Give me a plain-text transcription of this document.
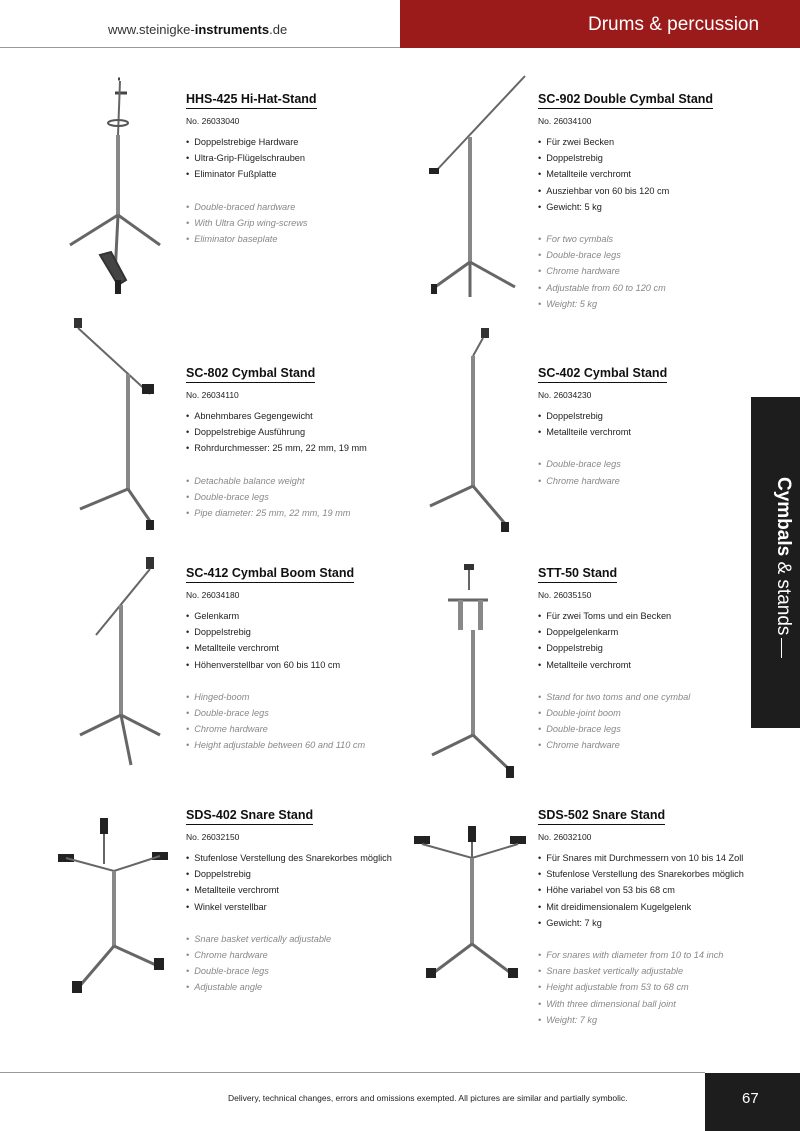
www.steinigke-instruments.de	Drums & percussion
Cymbals & stands
HHS-425 Hi-Hat-Stand
No. 26033040
• Doppelstrebige Hardware
• Ultra-Grip-Flügelschrauben
• Eliminator Fußplatte
• Double-braced hardware
• With Ultra Grip wing-screws
• Eliminator baseplate
SC-902 Double Cymbal Stand
No. 26034100
• Für zwei Becken
• Doppelstrebig
• Metallteile verchromt
• Ausziehbar von 60 bis 120 cm
• Gewicht: 5 kg
• For two cymbals
• Double-brace legs
• Chrome hardware
• Adjustable from 60 to 120 cm
• Weight: 5 kg
SC-802 Cymbal Stand
No. 26034110
• Abnehmbares Gegengewicht
• Doppelstrebige Ausführung
• Rohrdurchmesser: 25 mm, 22 mm, 19 mm
• Detachable balance weight
• Double-brace legs
• Pipe diameter: 25 mm, 22 mm, 19 mm
SC-402 Cymbal Stand
No. 26034230
• Doppelstrebig
• Metallteile verchromt
• Double-brace legs
• Chrome hardware
SC-412 Cymbal Boom Stand
No. 26034180
• Gelenkarm
• Doppelstrebig
• Metallteile verchromt
• Höhenverstellbar von 60 bis 110 cm
• Hinged-boom
• Double-brace legs
• Chrome hardware
• Height adjustable between 60 and 110 cm
STT-50 Stand
No. 26035150
• Für zwei Toms und ein Becken
• Doppelgelenkarm
• Doppelstrebig
• Metallteile verchromt
• Stand for two toms and one cymbal
• Double-joint boom
• Double-brace legs
• Chrome hardware
SDS-402 Snare Stand
No. 26032150
• Stufenlose Verstellung des Snarekorbes möglich
• Doppelstrebig
• Metallteile verchromt
• Winkel verstellbar
• Snare basket vertically adjustable
• Chrome hardware
• Double-brace legs
• Adjustable angle
SDS-502 Snare Stand
No. 26032100
• Für Snares mit Durchmessern von 10 bis 14 Zoll
• Stufenlose Verstellung des Snarekorbes möglich
• Höhe variabel von 53 bis 68 cm
• Mit dreidimensionalem Kugelgelenk
• Gewicht: 7 kg
• For snares with diameter from 10 to 14 inch
• Snare basket vertically adjustable
• Height adjustable from 53 to 68 cm
• With three dimensional ball joint
• Weight: 7 kg
Delivery, technical changes, errors and omissions exempted. All pictures are similar and partially symbolic.	67
